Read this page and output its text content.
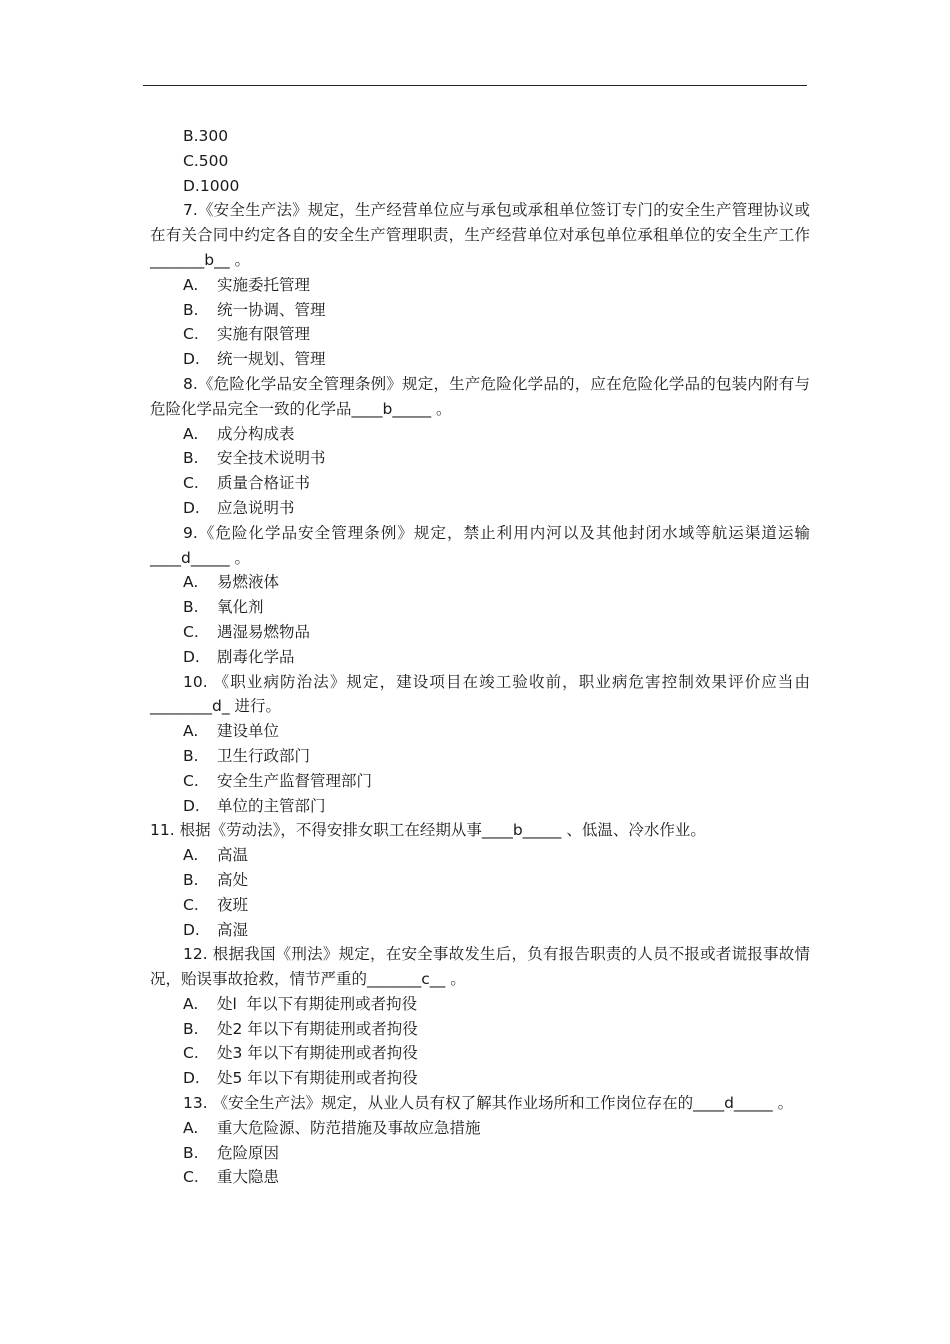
B.300
C.500
D.1000
7.《安全生产法》规定，生产经营单位应与承包或承租单位签订专门的安全生产管理协议或在有关合同中约定各自的安全生产管理职责，生产经营单位对承包单位承租单位的安全生产工作_______b__ 。
A. 实施委托管理
B. 统一协调、管理
C. 实施有限管理
D. 统一规划、管理
8.《危险化学品安全管理条例》规定，生产危险化学品的，应在危险化学品的包装内附有与危险化学品完全一致的化学品____b_____ 。
A. 成分构成表
B. 安全技术说明书
C. 质量合格证书
D. 应急说明书
9.《危险化学品安全管理条例》规定，禁止利用内河以及其他封闭水域等航运渠道运输____d_____ 。
A. 易燃液体
B. 氧化剂
C. 遇湿易燃物品
D. 剧毒化学品
10. 《职业病防治法》规定，建设项目在竣工验收前，职业病危害控制效果评价应当由________d_ 进行。
A. 建设单位
B. 卫生行政部门
C. 安全生产监督管理部门
D. 单位的主管部门
11. 根据《劳动法》，不得安排女职工在经期从事____b_____ 、低温、冷水作业。
A. 高温
B. 高处
C. 夜班
D. 高湿
12. 根据我国《刑法》规定，在安全事故发生后，负有报告职责的人员不报或者谎报事故情况，贻误事故抢救，情节严重的_______c__ 。
A. 处l  年以下有期徒刑或者拘役
B. 处2 年以下有期徒刑或者拘役
C. 处3 年以下有期徒刑或者拘役
D. 处5 年以下有期徒刑或者拘役
13. 《安全生产法》规定，从业人员有权了解其作业场所和工作岗位存在的____d_____ 。
A. 重大危险源、防范措施及事故应急措施
B. 危险原因
C. 重大隐患
